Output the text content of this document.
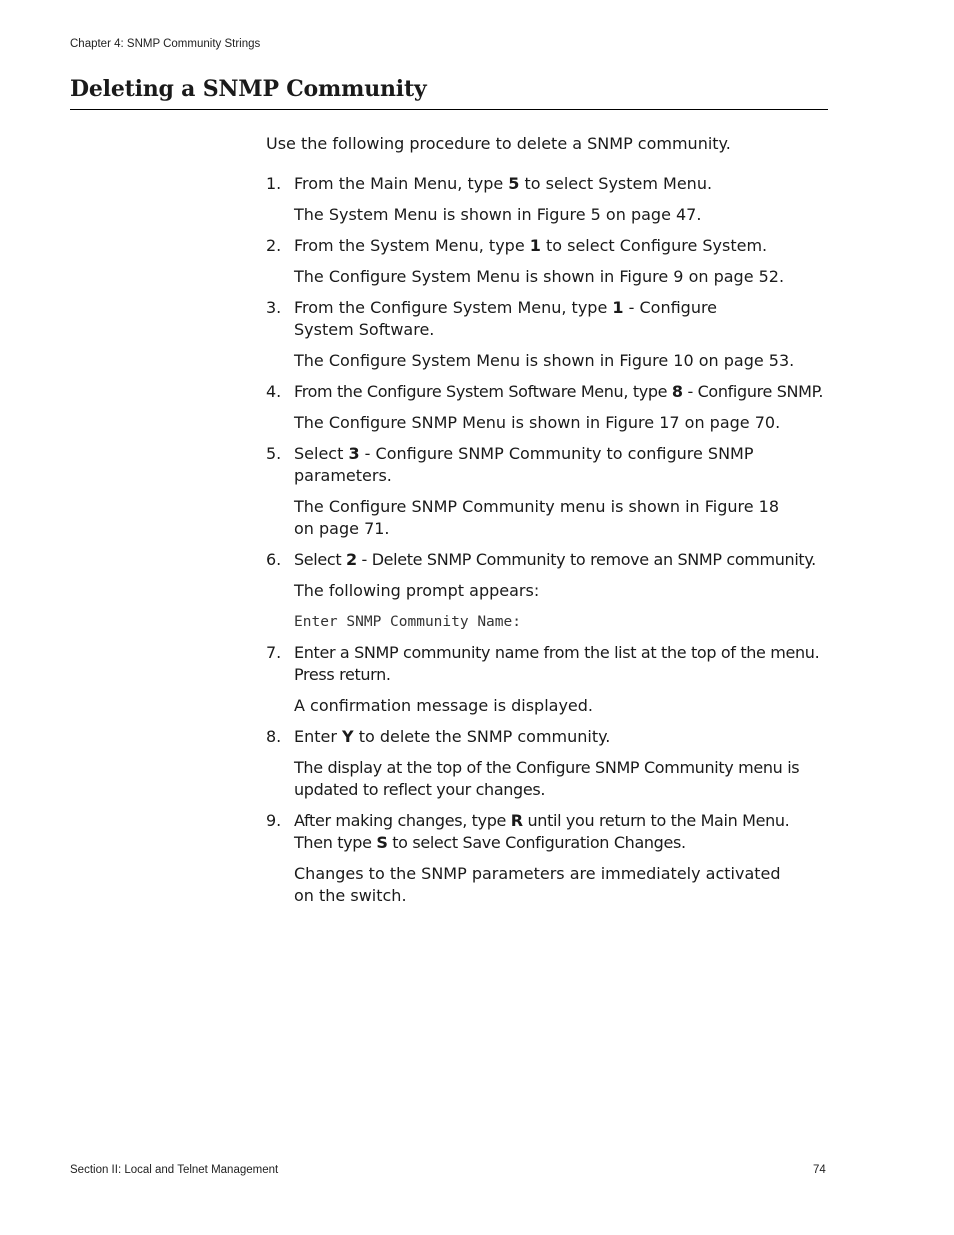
Chapter 4: SNMP Community Strings
Deleting a SNMP Community
Use the following procedure to delete a SNMP community.
1. From the Main Menu, type 5 to select System Menu.

The System Menu is shown in Figure 5 on page 47.

2. From the System Menu, type 1 to select Configure System.

The Configure System Menu is shown in Figure 9 on page 52.

3. From the Configure System Menu, type 1 - Configure System Software.

The Configure System Menu is shown in Figure 10 on page 53.

4. From the Configure System Software Menu, type 8 - Configure SNMP.

The Configure SNMP Menu is shown in Figure 17 on page 70.

5. Select 3 - Configure SNMP Community to configure SNMP parameters.

The Configure SNMP Community menu is shown in Figure 18 on page 71.

6. Select 2 - Delete SNMP Community to remove an SNMP community.

The following prompt appears:

Enter SNMP Community Name:

7. Enter a SNMP community name from the list at the top of the menu. Press return.

A confirmation message is displayed.

8. Enter Y to delete the SNMP community.

The display at the top of the Configure SNMP Community menu is updated to reflect your changes.

9. After making changes, type R until you return to the Main Menu. Then type S to select Save Configuration Changes.

Changes to the SNMP parameters are immediately activated on the switch.

Section II: Local and Telnet Management	74
